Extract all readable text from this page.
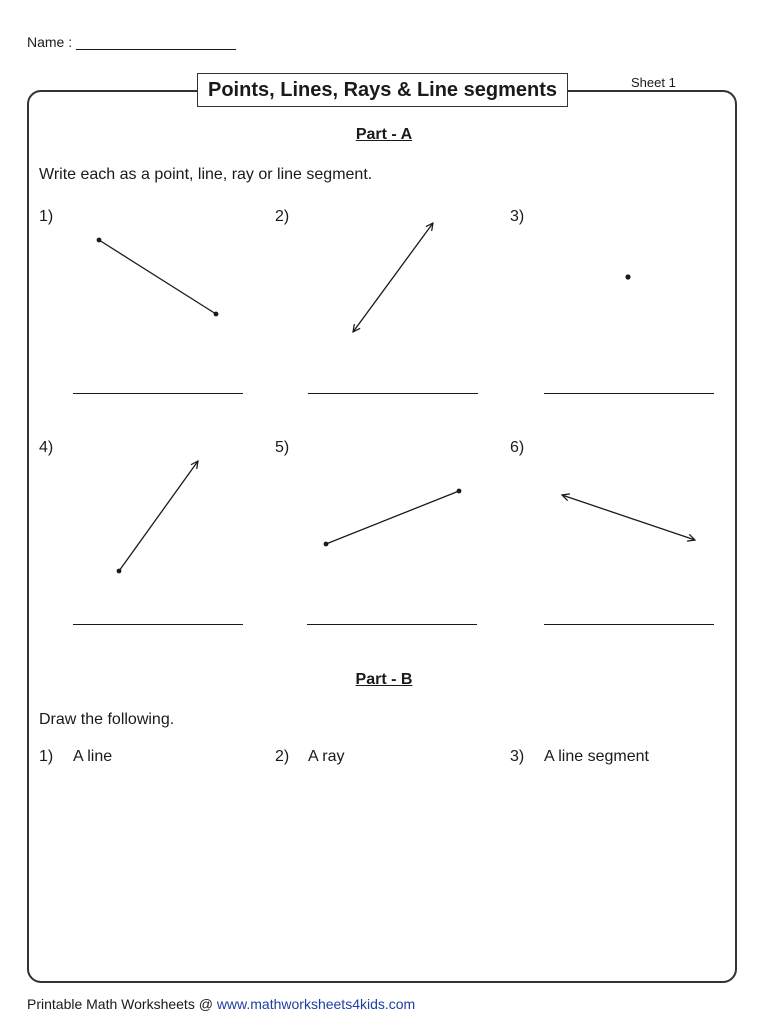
Name :
Points, Lines, Rays & Line segments	Sheet 1
Part - A
Write each as a point, line, ray or line segment.
1)	2)	3)
4)	5)	6)
Part - B
Draw the following.
1) A line	2) A ray	3) A line segment
Printable Math Worksheets @ www.mathworksheets4kids.com
